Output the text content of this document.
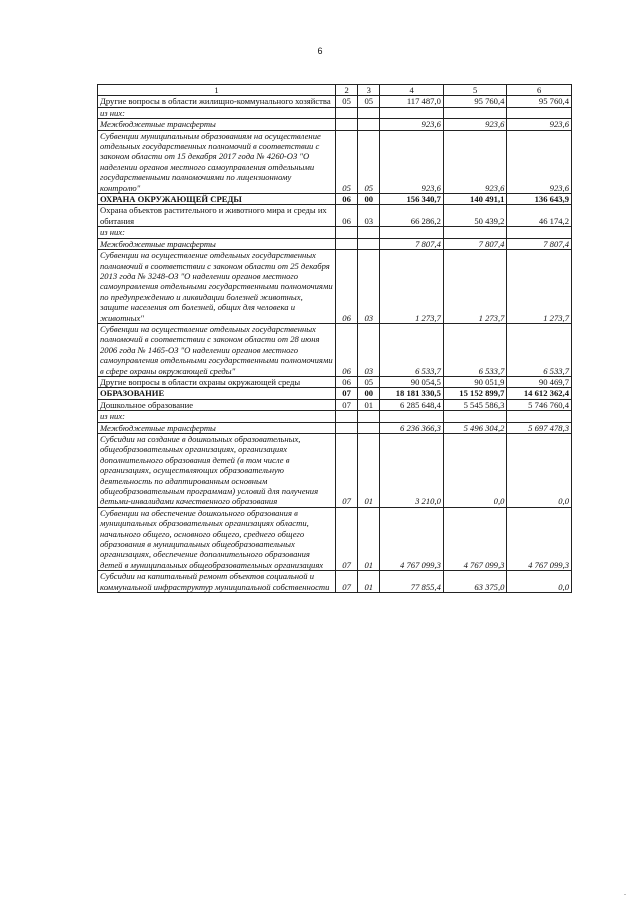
6
1	2	3	4	5	6
Другие вопросы в области жилищно-коммунального хозяйства	05	05	117 487,0	95 760,4	95 760,4
из них:					
Межбюджетные трансферты			923,6	923,6	923,6
Субвенции муниципальным образованиям на осуществление отдельных государственных полномочий в соответствии с законом области от 15 декабря 2017 года № 4260-ОЗ "О наделении органов местного самоуправления отдельными государственными полномочиями по лицензионному контролю"	05	05	923,6	923,6	923,6
ОХРАНА ОКРУЖАЮЩЕЙ СРЕДЫ	06	00	156 340,7	140 491,1	136 643,9
Охрана объектов растительного и животного мира и среды их обитания	06	03	66 286,2	50 439,2	46 174,2
из них:					
Межбюджетные трансферты			7 807,4	7 807,4	7 807,4
Субвенции на осуществление отдельных государственных полномочий в соответствии с законом области от 25 декабря 2013 года № 3248-ОЗ "О наделении органов местного самоуправления отдельными государственными полномочиями по предупреждению и ликвидации болезней животных, защите населения от болезней, общих для человека и животных"	06	03	1 273,7	1 273,7	1 273,7
Субвенции на осуществление отдельных государственных полномочий в соответствии с законом области от 28 июня 2006 года № 1465-ОЗ "О наделении органов местного самоуправления отдельными государственными полномочиями в сфере охраны окружающей среды"	06	03	6 533,7	6 533,7	6 533,7
Другие вопросы в области охраны окружающей среды	06	05	90 054,5	90 051,9	90 469,7
ОБРАЗОВАНИЕ	07	00	18 181 330,5	15 152 899,7	14 612 362,4
Дошкольное образование	07	01	6 285 648,4	5 545 586,3	5 746 760,4
из них:					
Межбюджетные трансферты			6 236 366,3	5 496 304,2	5 697 478,3
Субсидии на создание в дошкольных образовательных, общеобразовательных организациях, организациях дополнительного образования детей (в том числе в организациях, осуществляющих образовательную деятельность по адаптированным основным общеобразовательным программам) условий для получения детьми-инвалидами качественного образования	07	01	3 210,0	0,0	0,0
Субвенции на обеспечение дошкольного образования в муниципальных образовательных организациях области, начального общего, основного общего, среднего общего образования в муниципальных общеобразовательных организациях, обеспечение дополнительного образования детей в муниципальных общеобразовательных организациях	07	01	4 767 099,3	4 767 099,3	4 767 099,3
Субсидии на капитальный ремонт объектов социальной и коммунальной инфраструктур муниципальной собственности	07	01	77 855,4	63 375,0	0,0
.
